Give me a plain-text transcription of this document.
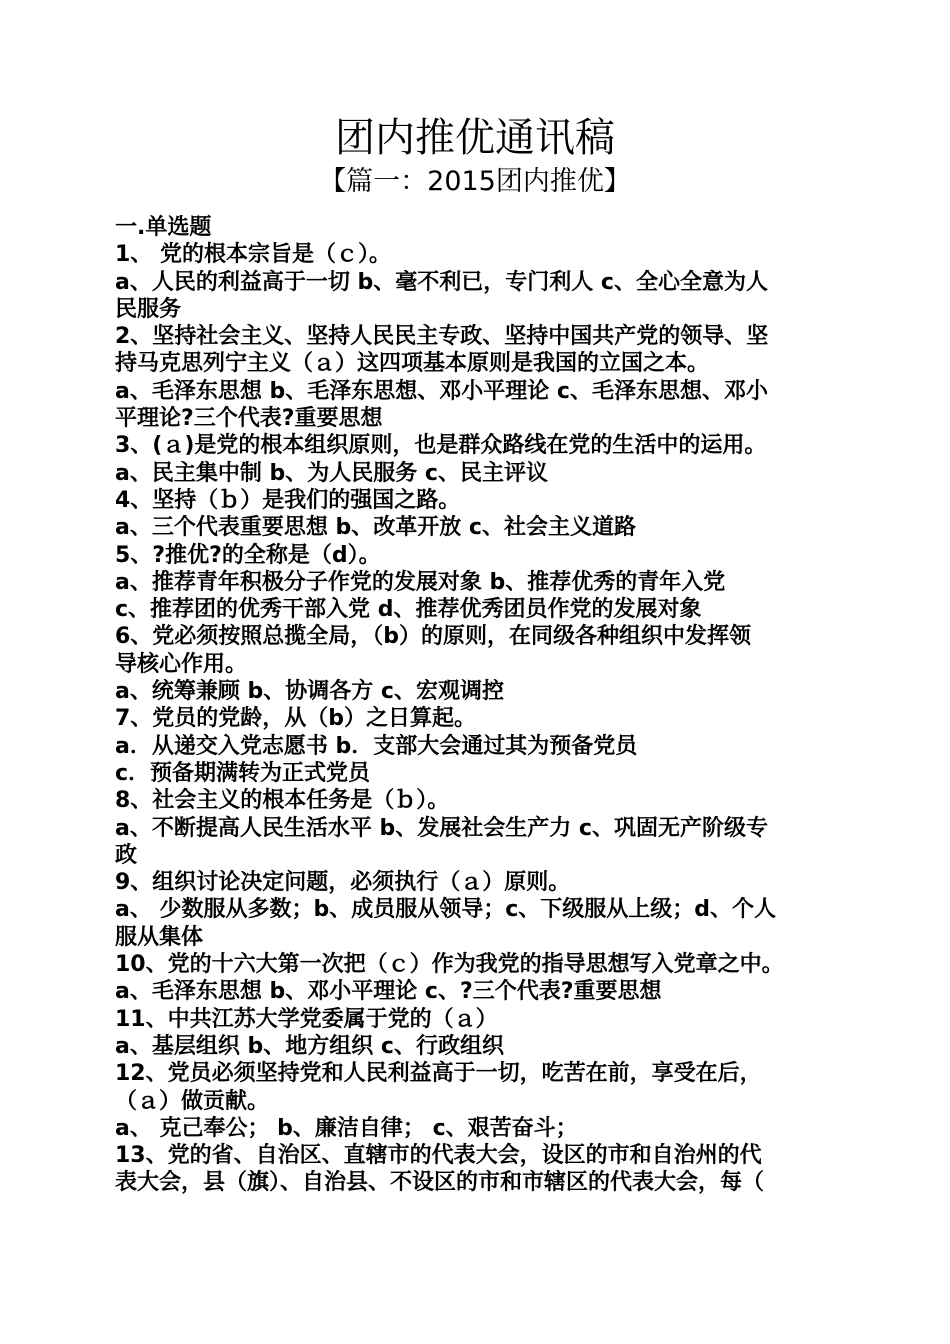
团内推优通讯稿
【篇一：2015团内推优】
一.单选题
1、 党的根本宗旨是（ｃ）。
a、人民的利益高于一切 b、毫不利已，专门利人 c、全心全意为人
民服务
2、坚持社会主义、坚持人民民主专政、坚持中国共产党的领导、坚
持马克思列宁主义（ａ）这四项基本原则是我国的立国之本。
a、毛泽东思想 b、毛泽东思想、邓小平理论 c、毛泽东思想、邓小
平理论?三个代表?重要思想
3、(ａ)是党的根本组织原则，也是群众路线在党的生活中的运用。
a、民主集中制 b、为人民服务 c、民主评议
4、坚持（ｂ）是我们的强国之路。
a、三个代表重要思想 b、改革开放 c、社会主义道路
5、?推优?的全称是（d）。
a、推荐青年积极分子作党的发展对象 b、推荐优秀的青年入党
c、推荐团的优秀干部入党 d、推荐优秀团员作党的发展对象
6、党必须按照总揽全局，（b）的原则，在同级各种组织中发挥领
导核心作用。
a、统筹兼顾 b、协调各方 c、宏观调控
7、党员的党龄，从（b）之日算起。
a．从递交入党志愿书 b．支部大会通过其为预备党员
c．预备期满转为正式党员
8、社会主义的根本任务是（ｂ）。
a、不断提高人民生活水平 b、发展社会生产力 c、巩固无产阶级专
政
9、组织讨论决定问题，必须执行（ａ）原则。
a、 少数服从多数；b、成员服从领导；c、下级服从上级；d、个人
服从集体
10、党的十六大第一次把（ｃ）作为我党的指导思想写入党章之中。
a、毛泽东思想 b、邓小平理论 c、?三个代表?重要思想
11、中共江苏大学党委属于党的（ａ）
a、基层组织 b、地方组织 c、行政组织
12、党员必须坚持党和人民利益高于一切，吃苦在前，享受在后，
（ａ）做贡献。
a、 克己奉公； b、廉洁自律； c、艰苦奋斗；
13、党的省、自治区、直辖市的代表大会，设区的市和自治州的代
表大会，县（旗）、自治县、不设区的市和市辖区的代表大会，每（
